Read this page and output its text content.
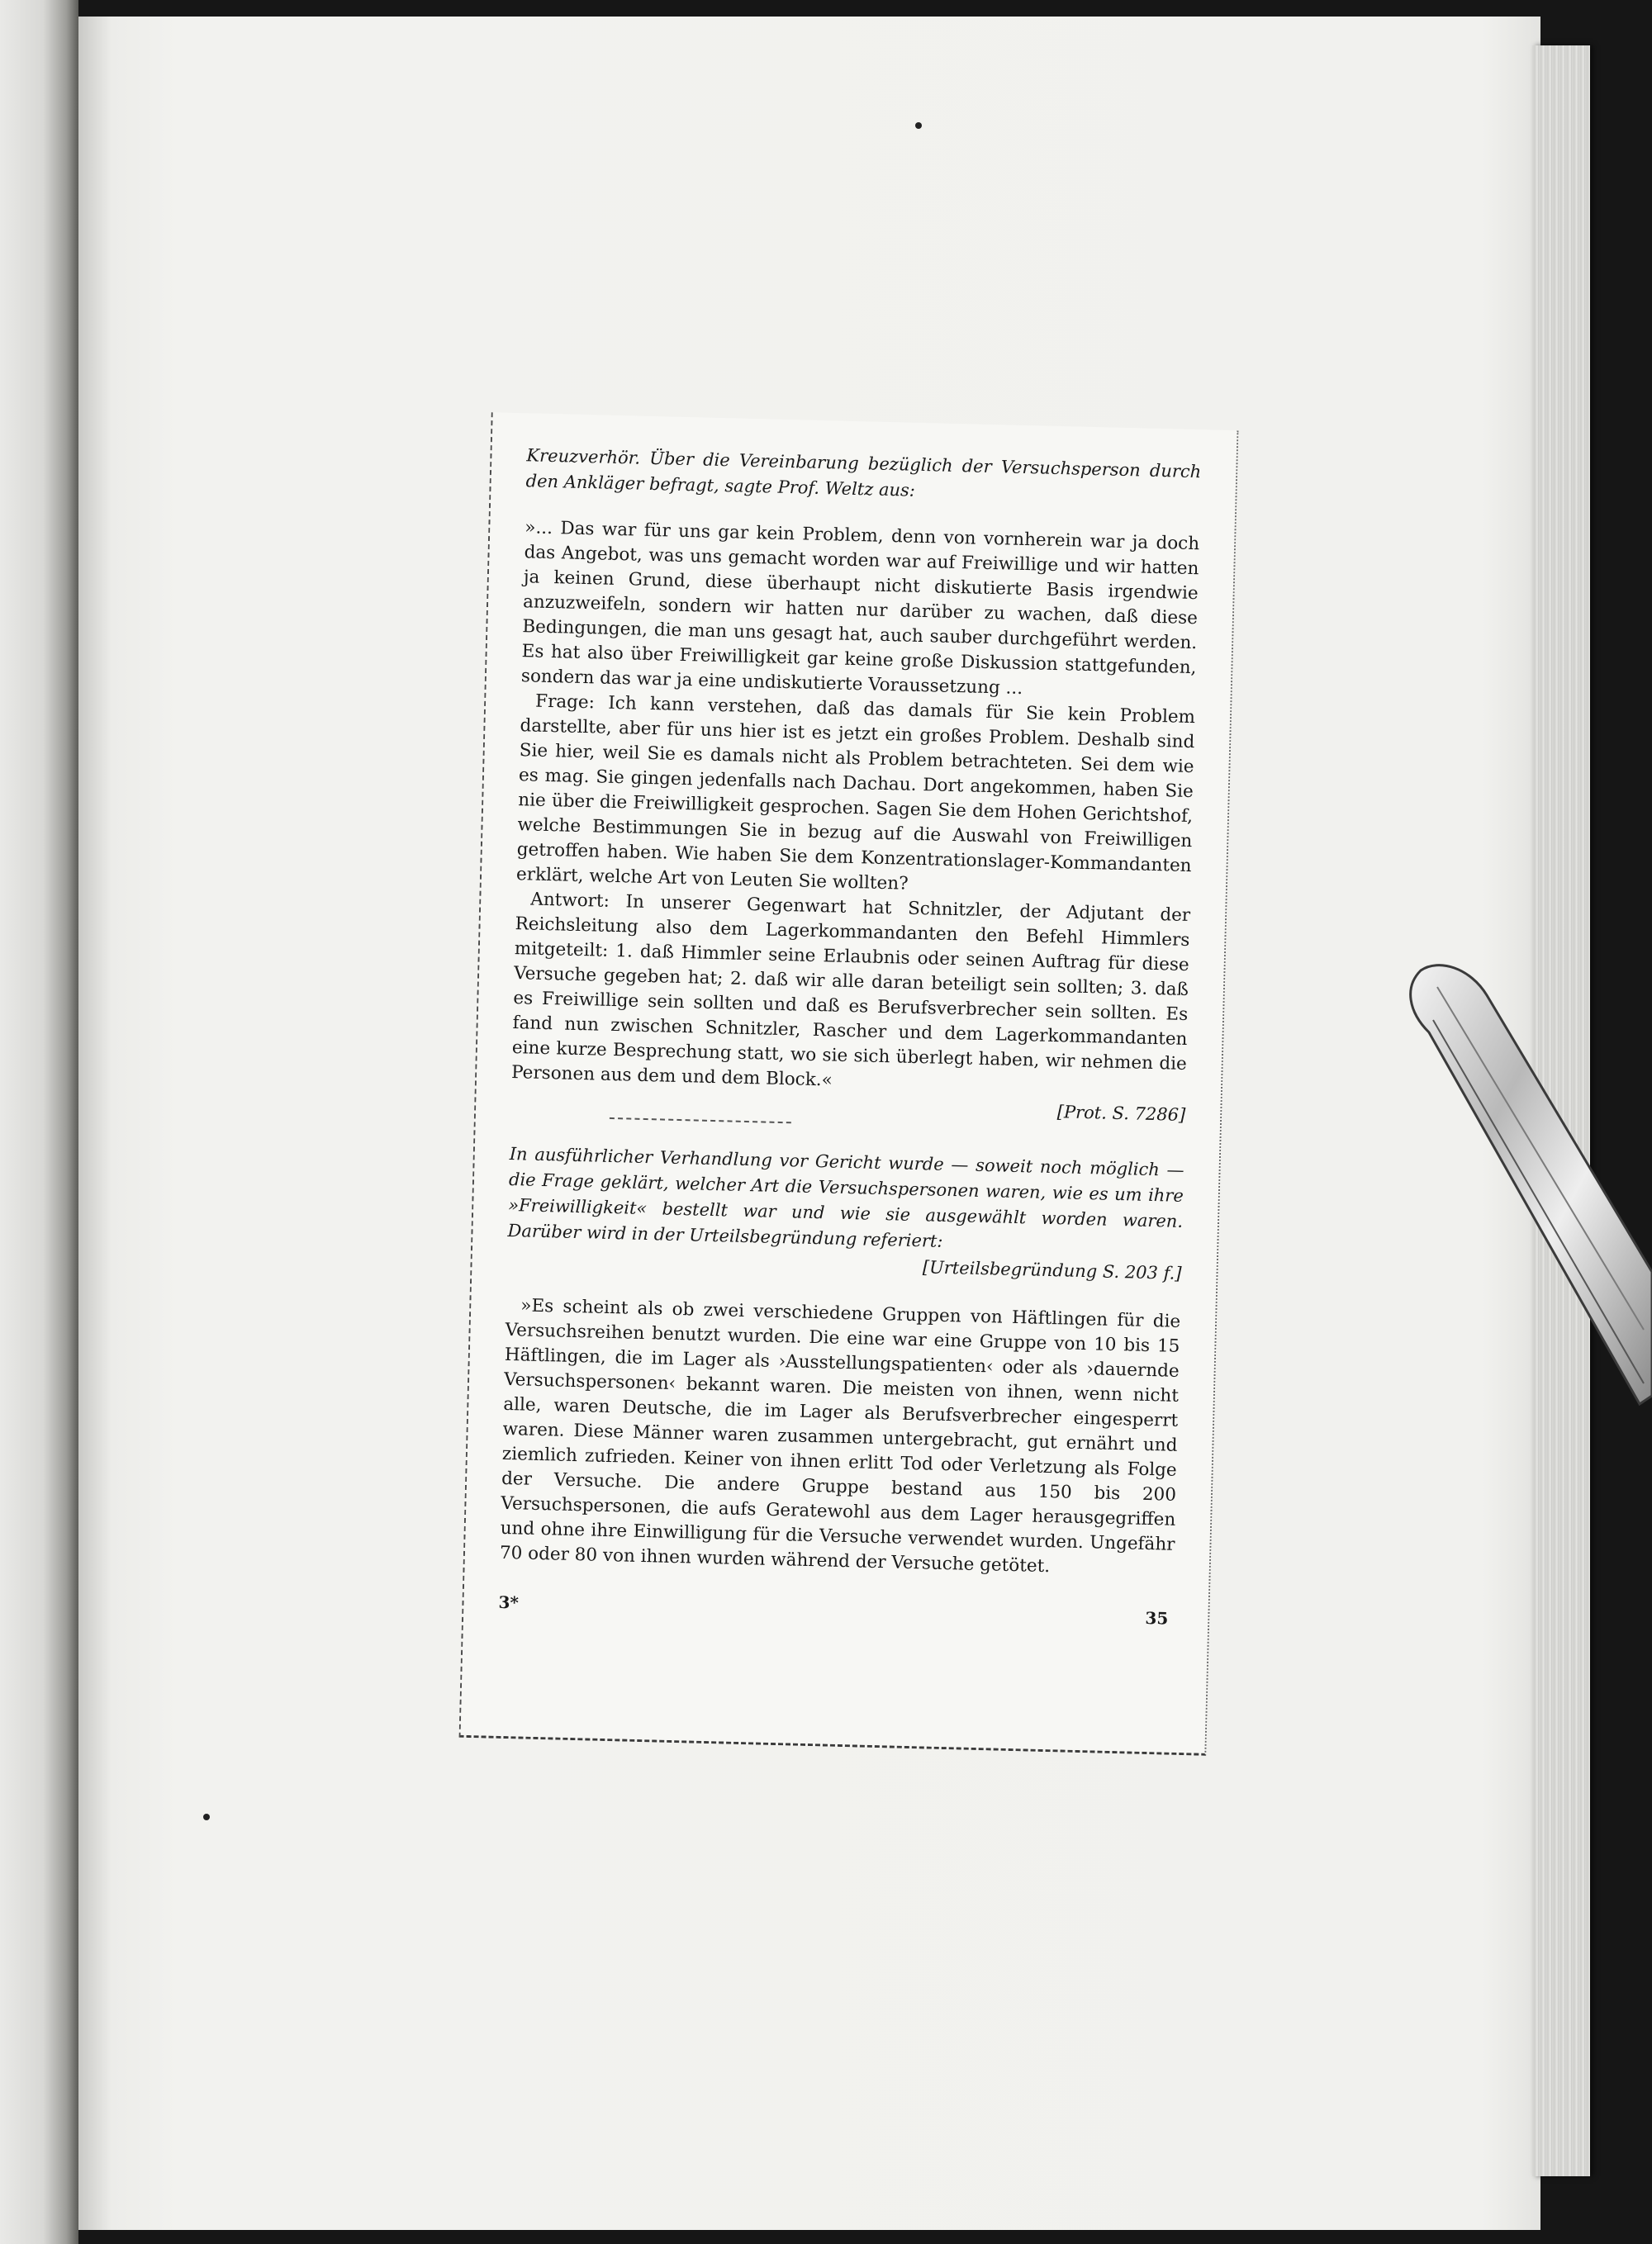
Kreuzverhör. Über die Vereinbarung bezüglich der Versuchsperson durch den Ankläger befragt, sagte Prof. Weltz aus:

»... Das war für uns gar kein Problem, denn von vornherein war ja doch das Angebot, was uns gemacht worden war auf Freiwillige und wir hatten ja keinen Grund, diese überhaupt nicht diskutierte Basis irgendwie anzuzweifeln, sondern wir hatten nur darüber zu wachen, daß diese Bedingungen, die man uns gesagt hat, auch sauber durchgeführt werden. Es hat also über Freiwilligkeit gar keine große Diskussion stattgefunden, sondern das war ja eine undiskutierte Voraussetzung ...

Frage: Ich kann verstehen, daß das damals für Sie kein Problem darstellte, aber für uns hier ist es jetzt ein großes Problem. Deshalb sind Sie hier, weil Sie es damals nicht als Problem betrachteten. Sei dem wie es mag. Sie gingen jedenfalls nach Dachau. Dort angekommen, haben Sie nie über die Freiwilligkeit gesprochen. Sagen Sie dem Hohen Gerichtshof, welche Bestimmungen Sie in bezug auf die Auswahl von Freiwilligen getroffen haben. Wie haben Sie dem Konzentrationslager-Kommandanten erklärt, welche Art von Leuten Sie wollten?

Antwort: In unserer Gegenwart hat Schnitzler, der Adjutant der Reichsleitung also dem Lagerkommandanten den Befehl Himmlers mitgeteilt: 1. daß Himmler seine Erlaubnis oder seinen Auftrag für diese Versuche gegeben hat; 2. daß wir alle daran beteiligt sein sollten; 3. daß es Freiwillige sein sollten und daß es Berufsverbrecher sein sollten. Es fand nun zwischen Schnitzler, Rascher und dem Lagerkommandanten eine kurze Besprechung statt, wo sie sich überlegt haben, wir nehmen die Personen aus dem und dem Block.«

[Prot. S. 7286]

In ausführlicher Verhandlung vor Gericht wurde — soweit noch möglich — die Frage geklärt, welcher Art die Versuchspersonen waren, wie es um ihre »Freiwilligkeit« bestellt war und wie sie ausgewählt worden waren. Darüber wird in der Urteilsbegründung referiert:

[Urteilsbegründung S. 203 f.]

»Es scheint als ob zwei verschiedene Gruppen von Häftlingen für die Versuchsreihen benutzt wurden. Die eine war eine Gruppe von 10 bis 15 Häftlingen, die im Lager als ›Ausstellungspatienten‹ oder als ›dauernde Versuchspersonen‹ bekannt waren. Die meisten von ihnen, wenn nicht alle, waren Deutsche, die im Lager als Berufsverbrecher eingesperrt waren. Diese Männer waren zusammen untergebracht, gut ernährt und ziemlich zufrieden. Keiner von ihnen erlitt Tod oder Verletzung als Folge der Versuche. Die andere Gruppe bestand aus 150 bis 200 Versuchspersonen, die aufs Geratewohl aus dem Lager herausgegriffen und ohne ihre Einwilligung für die Versuche verwendet wurden. Ungefähr 70 oder 80 von ihnen wurden während der Versuche getötet.

3*
35
